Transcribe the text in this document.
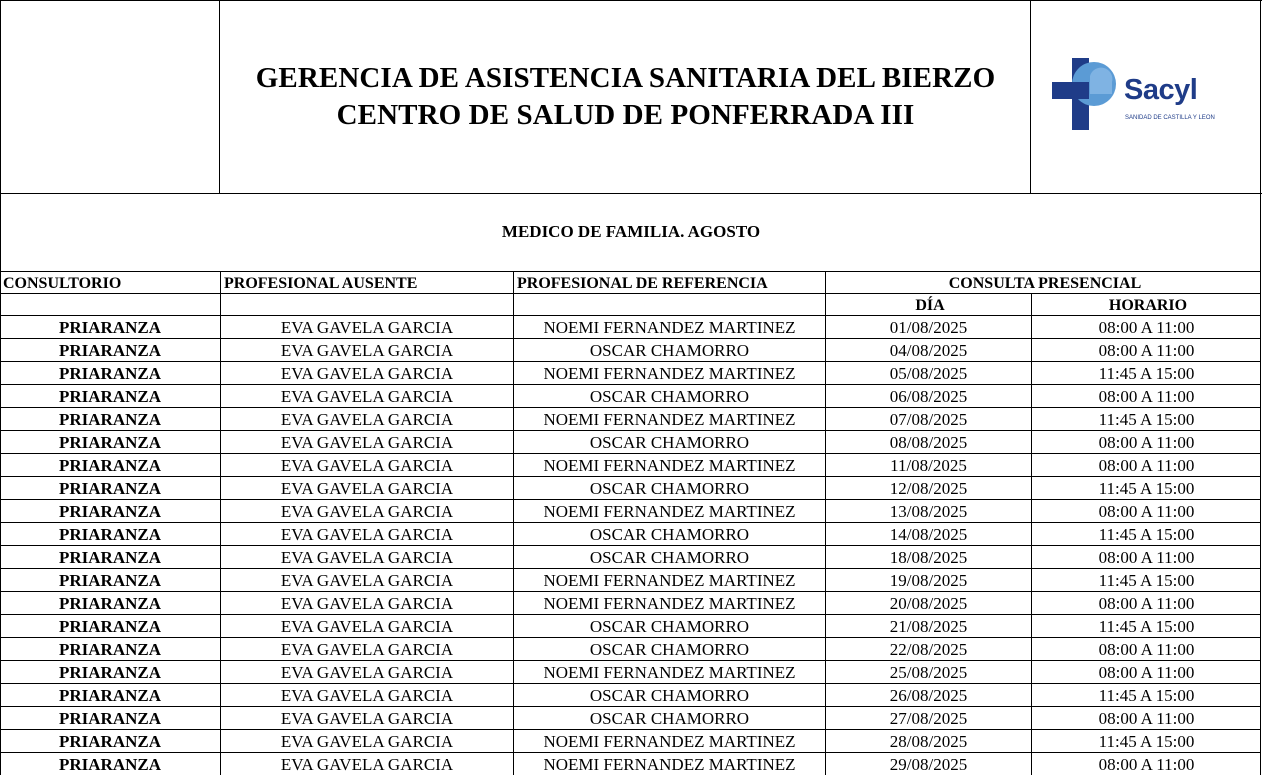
GERENCIA DE ASISTENCIA SANITARIA DEL BIERZO
CENTRO DE SALUD DE PONFERRADA III
Sacyl
SANIDAD DE CASTILLA Y LEON
MEDICO DE FAMILIA. AGOSTO
CONSULTORIO	PROFESIONAL AUSENTE	PROFESIONAL DE REFERENCIA	CONSULTA PRESENCIAL
DÍA	HORARIO
PRIARANZA	EVA GAVELA GARCIA	NOEMI FERNANDEZ MARTINEZ	01/08/2025	08:00 A 11:00
PRIARANZA	EVA GAVELA GARCIA	OSCAR CHAMORRO	04/08/2025	08:00 A 11:00
PRIARANZA	EVA GAVELA GARCIA	NOEMI FERNANDEZ MARTINEZ	05/08/2025	11:45 A 15:00
PRIARANZA	EVA GAVELA GARCIA	OSCAR CHAMORRO	06/08/2025	08:00 A 11:00
PRIARANZA	EVA GAVELA GARCIA	NOEMI FERNANDEZ MARTINEZ	07/08/2025	11:45 A 15:00
PRIARANZA	EVA GAVELA GARCIA	OSCAR CHAMORRO	08/08/2025	08:00 A 11:00
PRIARANZA	EVA GAVELA GARCIA	NOEMI FERNANDEZ MARTINEZ	11/08/2025	08:00 A 11:00
PRIARANZA	EVA GAVELA GARCIA	OSCAR CHAMORRO	12/08/2025	11:45 A 15:00
PRIARANZA	EVA GAVELA GARCIA	NOEMI FERNANDEZ MARTINEZ	13/08/2025	08:00 A 11:00
PRIARANZA	EVA GAVELA GARCIA	OSCAR CHAMORRO	14/08/2025	11:45 A 15:00
PRIARANZA	EVA GAVELA GARCIA	OSCAR CHAMORRO	18/08/2025	08:00 A 11:00
PRIARANZA	EVA GAVELA GARCIA	NOEMI FERNANDEZ MARTINEZ	19/08/2025	11:45 A 15:00
PRIARANZA	EVA GAVELA GARCIA	NOEMI FERNANDEZ MARTINEZ	20/08/2025	08:00 A 11:00
PRIARANZA	EVA GAVELA GARCIA	OSCAR CHAMORRO	21/08/2025	11:45 A 15:00
PRIARANZA	EVA GAVELA GARCIA	OSCAR CHAMORRO	22/08/2025	08:00 A 11:00
PRIARANZA	EVA GAVELA GARCIA	NOEMI FERNANDEZ MARTINEZ	25/08/2025	08:00 A 11:00
PRIARANZA	EVA GAVELA GARCIA	OSCAR CHAMORRO	26/08/2025	11:45 A 15:00
PRIARANZA	EVA GAVELA GARCIA	OSCAR CHAMORRO	27/08/2025	08:00 A 11:00
PRIARANZA	EVA GAVELA GARCIA	NOEMI FERNANDEZ MARTINEZ	28/08/2025	11:45 A 15:00
PRIARANZA	EVA GAVELA GARCIA	NOEMI FERNANDEZ MARTINEZ	29/08/2025	08:00 A 11:00
